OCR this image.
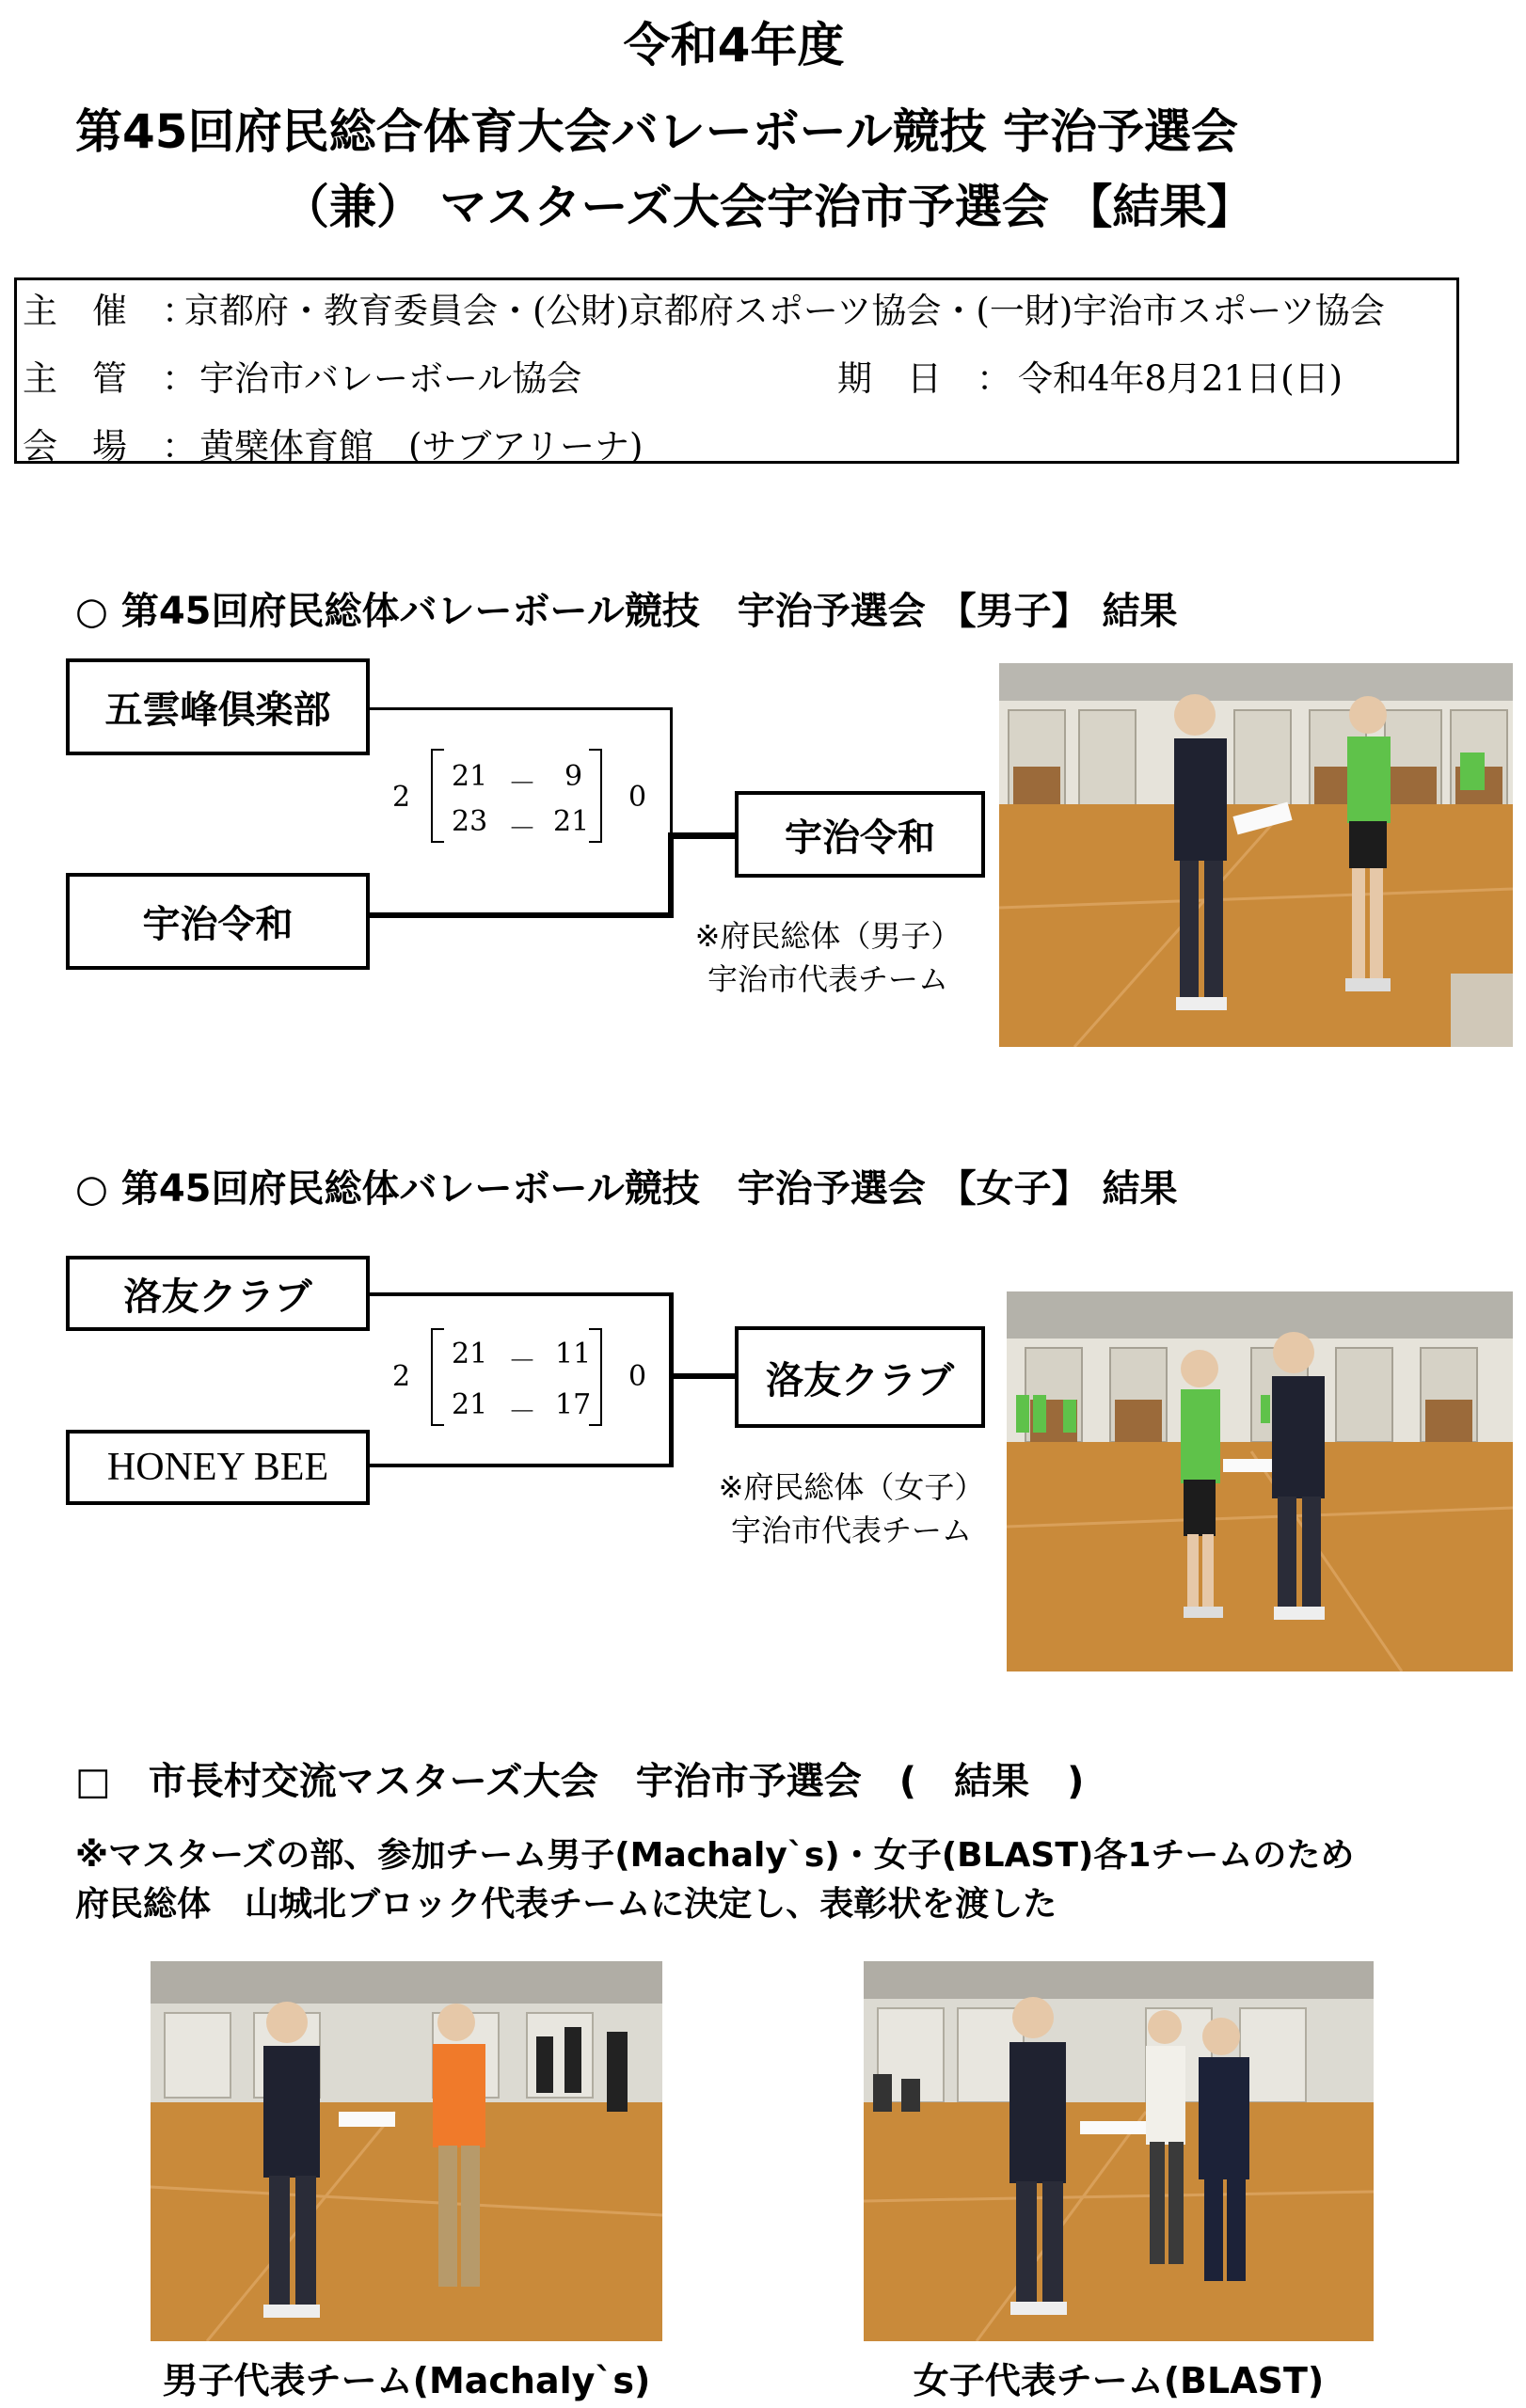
令和4年度
第45回府民総合体育大会バレーボール競技 宇治予選会
（兼） マスターズ大会宇治市予選会 【結果】
主　催　：
京都府・教育委員会・(公財)京都府スポーツ協会・(一財)宇治市スポーツ協会
主　管　： 宇治市バレーボール協会	期　日　： 令和4年8月21日(日)
会　場　： 黄檗体育館　(サブアリーナ)
○ 第45回府民総体バレーボール競技　宇治予選会 【男子】 結果
五雲峰倶楽部
宇治令和
宇治令和
2
21 － 9
23 － 21
0
※府民総体（男子）
宇治市代表チーム
○ 第45回府民総体バレーボール競技　宇治予選会 【女子】 結果
洛友クラブ
HONEY BEE
洛友クラブ
2
21 － 11
21 － 17
0
※府民総体（女子）
宇治市代表チーム
□　市長村交流マスターズ大会　宇治市予選会　(　結果　)
※マスターズの部、参加チーム男子(Machaly`s)・女子(BLAST)各1チームのため
府民総体　山城北ブロック代表チームに決定し、表彰状を渡した
男子代表チーム(Machaly`s)	女子代表チーム(BLAST)
